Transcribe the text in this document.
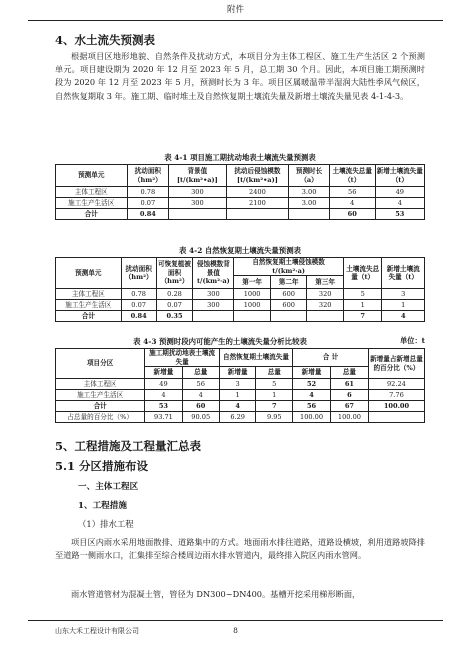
附件
4、水土流失预测表
根据项目区地形地貌、自然条件及扰动方式，本项目分为主体工程区、施工生产生活区 2 个预测单元。项目建设期为 2020 年 12 月至 2023 年 5 月，总工期 30 个月。因此，本项目施工期预测时段为 2020 年 12 月至 2023 年 5 月，预测时长为 3 年。项目区属暖温带半湿润大陆性季风气候区，自然恢复期取 3 年。施工期、临时堆土及自然恢复期土壤流失量及新增土壤流失量见表 4-1-4-3。
表 4-1 项目施工期扰动地表土壤流失量预测表
预测单元	扰动面积（hm²）	背景值[t/(km²•a)]	扰动后侵蚀模数[t/(km²•a)]	预测时长（a）	土壤流失总量（t）	新增土壤流失量（t）
主体工程区	0.78	300	2400	3.00	56	49
施工生产生活区	0.07	300	2100	3.00	4	4
合计	0.84				60	53
表 4-2 自然恢复期土壤流失量预测表
预测单元	扰动面积（hm²）	可恢复植被面积（hm²）	侵蚀模数背景值 t/(km²·a)	自然恢复期土壤侵蚀模数 t/(km²·a)			土壤流失总量（t）	新增土壤流失量（t）
				第一年	第二年	第三年		
主体工程区	0.78	0.28	300	1000	600	320	5	3
施工生产生活区	0.07	0.07	300	1000	600	320	1	1
合计	0.84	0.35					7	4
表 4-3 预测时段内可能产生的土壤流失量分析比较表	单位：t
项目分区	施工期扰动地表土壤流失量		自然恢复期土壤流失量		合 计		新增量占新增总量的百分比（%）
	新增量	总量	新增量	总量	新增量	总量	
主体工程区	49	56	3	5	52	61	92.24
施工生产生活区	4	4	1	1	4	6	7.76
合计	53	60	4	7	56	67	100.00
占总量的百分比（%）	93.71	90.05	6.29	9.95	100.00	100.00	
5、工程措施及工程量汇总表
5.1 分区措施布设
一、主体工程区
1、工程措施
（1）排水工程
项目区内雨水采用地面散排、道路集中的方式。地面雨水排往道路，道路设横坡，利用道路坡降排至道路一侧雨水口，汇集排至综合楼周边雨水排水管道内，最终排入院区内雨水管网。
雨水管道管材为混凝土管，管径为 DN300~DN400。基槽开挖采用梯形断面，
山东大禾工程设计有限公司	8
